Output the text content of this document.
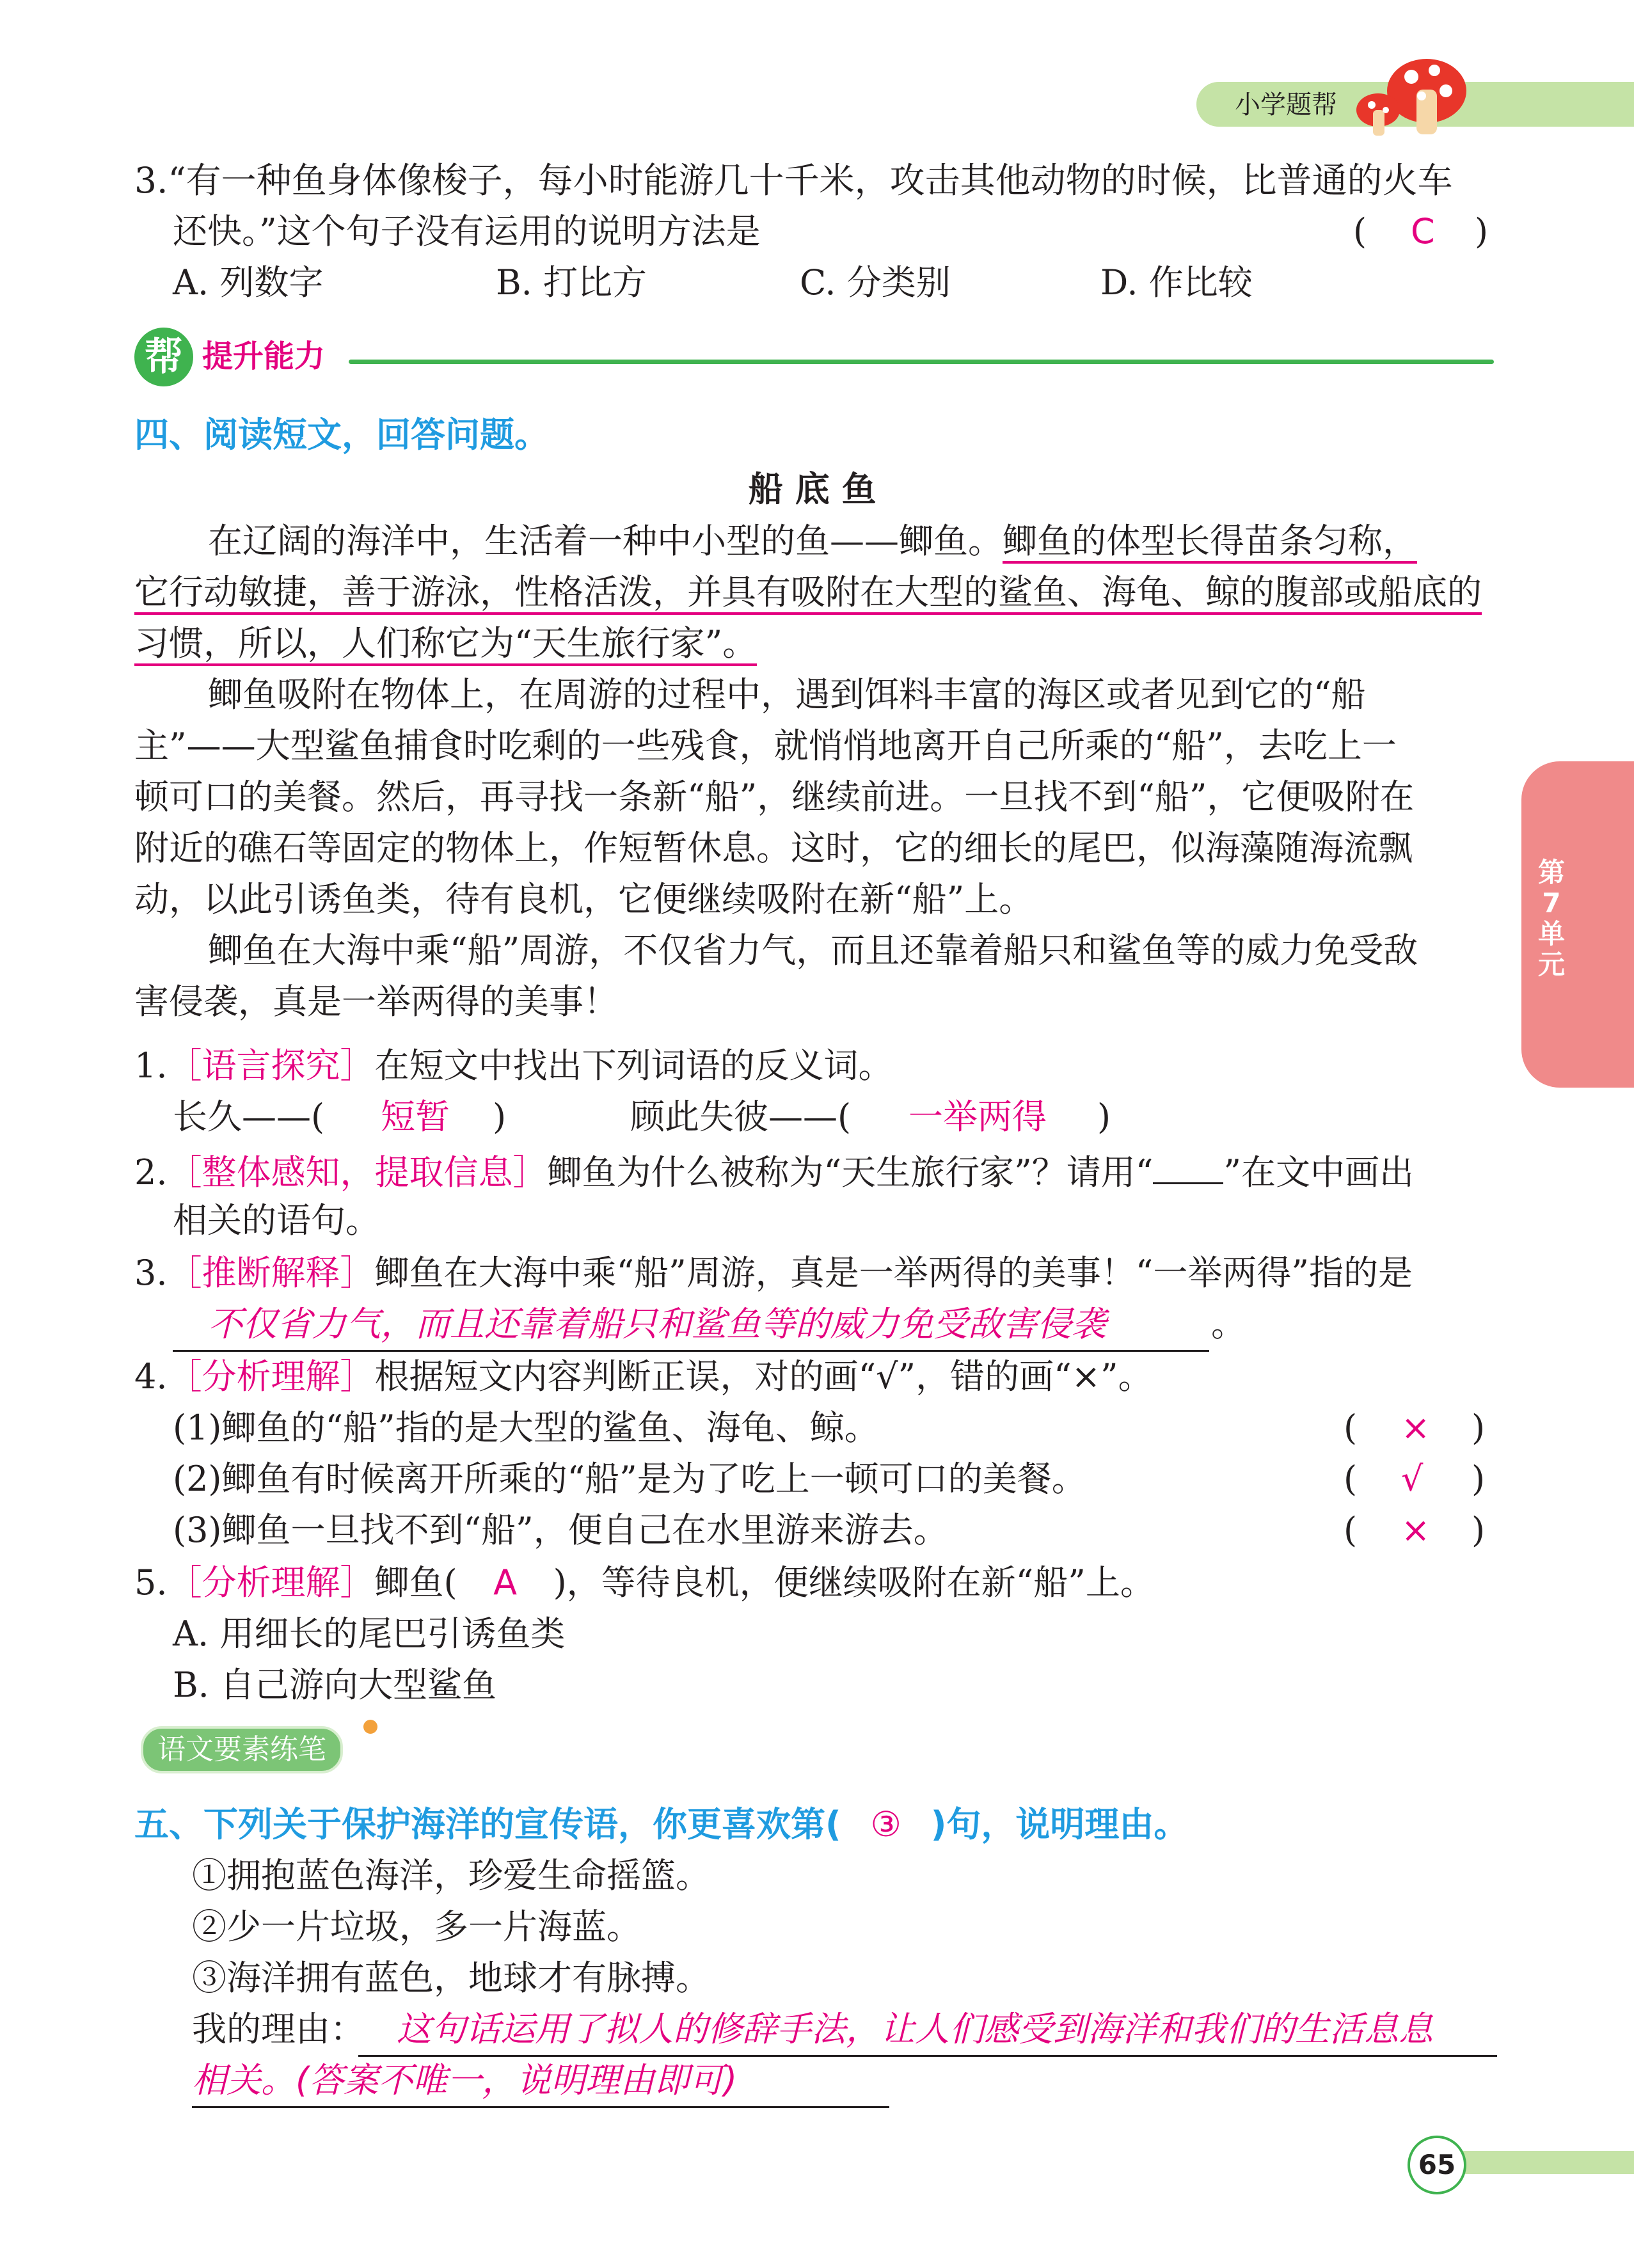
小学题帮
3.“有一种鱼身体像梭子，每小时能游几十千米，攻击其他动物的时候，比普通的火车
还快。”这个句子没有运用的说明方法是	( C )
A. 列数字	B. 打比方	C. 分类别	D. 作比较
帮 提升能力
四、阅读短文，回答问题。
船 底 鱼
在辽阔的海洋中，生活着一种中小型的鱼——鲫鱼。鲫鱼的体型长得苗条匀称，
它行动敏捷，善于游泳，性格活泼，并具有吸附在大型的鲨鱼、海龟、鲸的腹部或船底的
习惯，所以，人们称它为“天生旅行家”。
鲫鱼吸附在物体上，在周游的过程中，遇到饵料丰富的海区或者见到它的“船
主”——大型鲨鱼捕食时吃剩的一些残食，就悄悄地离开自己所乘的“船”，去吃上一
顿可口的美餐。然后，再寻找一条新“船”，继续前进。一旦找不到“船”，它便吸附在
附近的礁石等固定的物体上，作短暂休息。这时，它的细长的尾巴，似海藻随海流飘
动，以此引诱鱼类，待有良机，它便继续吸附在新“船”上。
鲫鱼在大海中乘“船”周游，不仅省力气，而且还靠着船只和鲨鱼等的威力免受敌
害侵袭，真是一举两得的美事！
1.［语言探究］在短文中找出下列词语的反义词。
长久——( 短暂 )	顾此失彼——( 一举两得 )
2.［整体感知，提取信息］鲫鱼为什么被称为“天生旅行家”？请用“ ”在文中画出
相关的语句。
3.［推断解释］鲫鱼在大海中乘“船”周游，真是一举两得的美事！“一举两得”指的是
不仅省力气，而且还靠着船只和鲨鱼等的威力免受敌害侵袭	。
4.［分析理解］根据短文内容判断正误，对的画“√”，错的画“×”。
(1)鲫鱼的“船”指的是大型的鲨鱼、海龟、鲸。	( × )
(2)鲫鱼有时候离开所乘的“船”是为了吃上一顿可口的美餐。	( √ )
(3)鲫鱼一旦找不到“船”，便自己在水里游来游去。	( × )
5.［分析理解］鲫鱼( A )，等待良机，便继续吸附在新“船”上。
A. 用细长的尾巴引诱鱼类
B. 自己游向大型鲨鱼
语文要素练笔
五、下列关于保护海洋的宣传语，你更喜欢第( ③ )句，说明理由。
①拥抱蓝色海洋，珍爱生命摇篮。
②少一片垃圾，多一片海蓝。
③海洋拥有蓝色，地球才有脉搏。
我的理由： 这句话运用了拟人的修辞手法，让人们感受到海洋和我们的生活息息
相关。(答案不唯一，说明理由即可)
第
7
单
元
65
